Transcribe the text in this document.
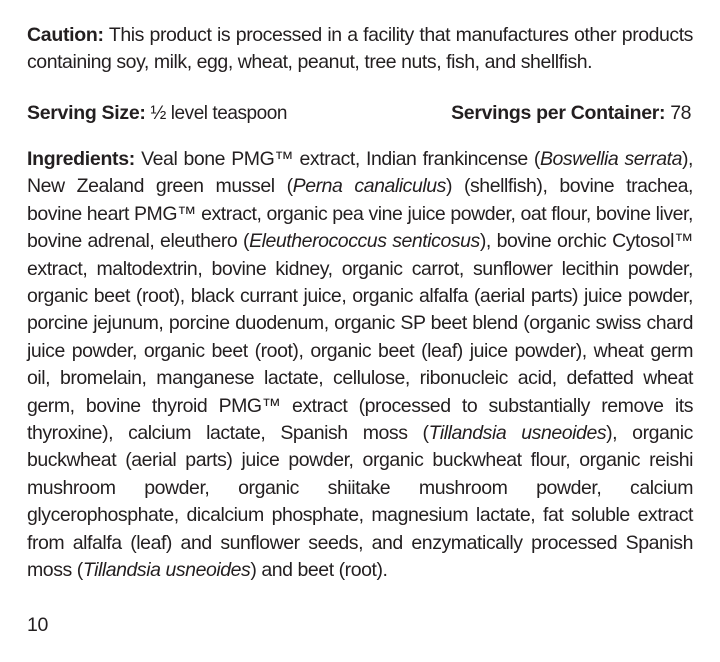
Caution: This product is processed in a facility that manufactures other products containing soy, milk, egg, wheat, peanut, tree nuts, fish, and shellfish.

Serving Size: ½ level teaspoon	Servings per Container: 78

Ingredients: Veal bone PMG™ extract, Indian frankincense (Boswellia serrata), New Zealand green mussel (Perna canaliculus) (shellfish), bovine trachea, bovine heart PMG™ extract, organic pea vine juice powder, oat flour, bovine liver, bovine adrenal, eleuthero (Eleutherococcus senticosus), bovine orchic Cytosol™ extract, maltodextrin, bovine kidney, organic carrot, sunflower lecithin powder, organic beet (root), black currant juice, organic alfalfa (aerial parts) juice powder, porcine jejunum, porcine duodenum, organic SP beet blend (organic swiss chard juice powder, organic beet (root), organic beet (leaf) juice powder), wheat germ oil, bromelain, manganese lactate, cellulose, ribonucleic acid, defatted wheat germ, bovine thyroid PMG™ extract (processed to substantially remove its thyroxine), calcium lactate, Spanish moss (Tillandsia usneoides), organic buckwheat (aerial parts) juice powder, organic buckwheat flour, organic reishi mushroom powder, organic shiitake mushroom powder, calcium glycerophosphate, dicalcium phosphate, magnesium lactate, fat soluble extract from alfalfa (leaf) and sunflower seeds, and enzymatically processed Spanish moss (Tillandsia usneoides) and beet (root).

10
